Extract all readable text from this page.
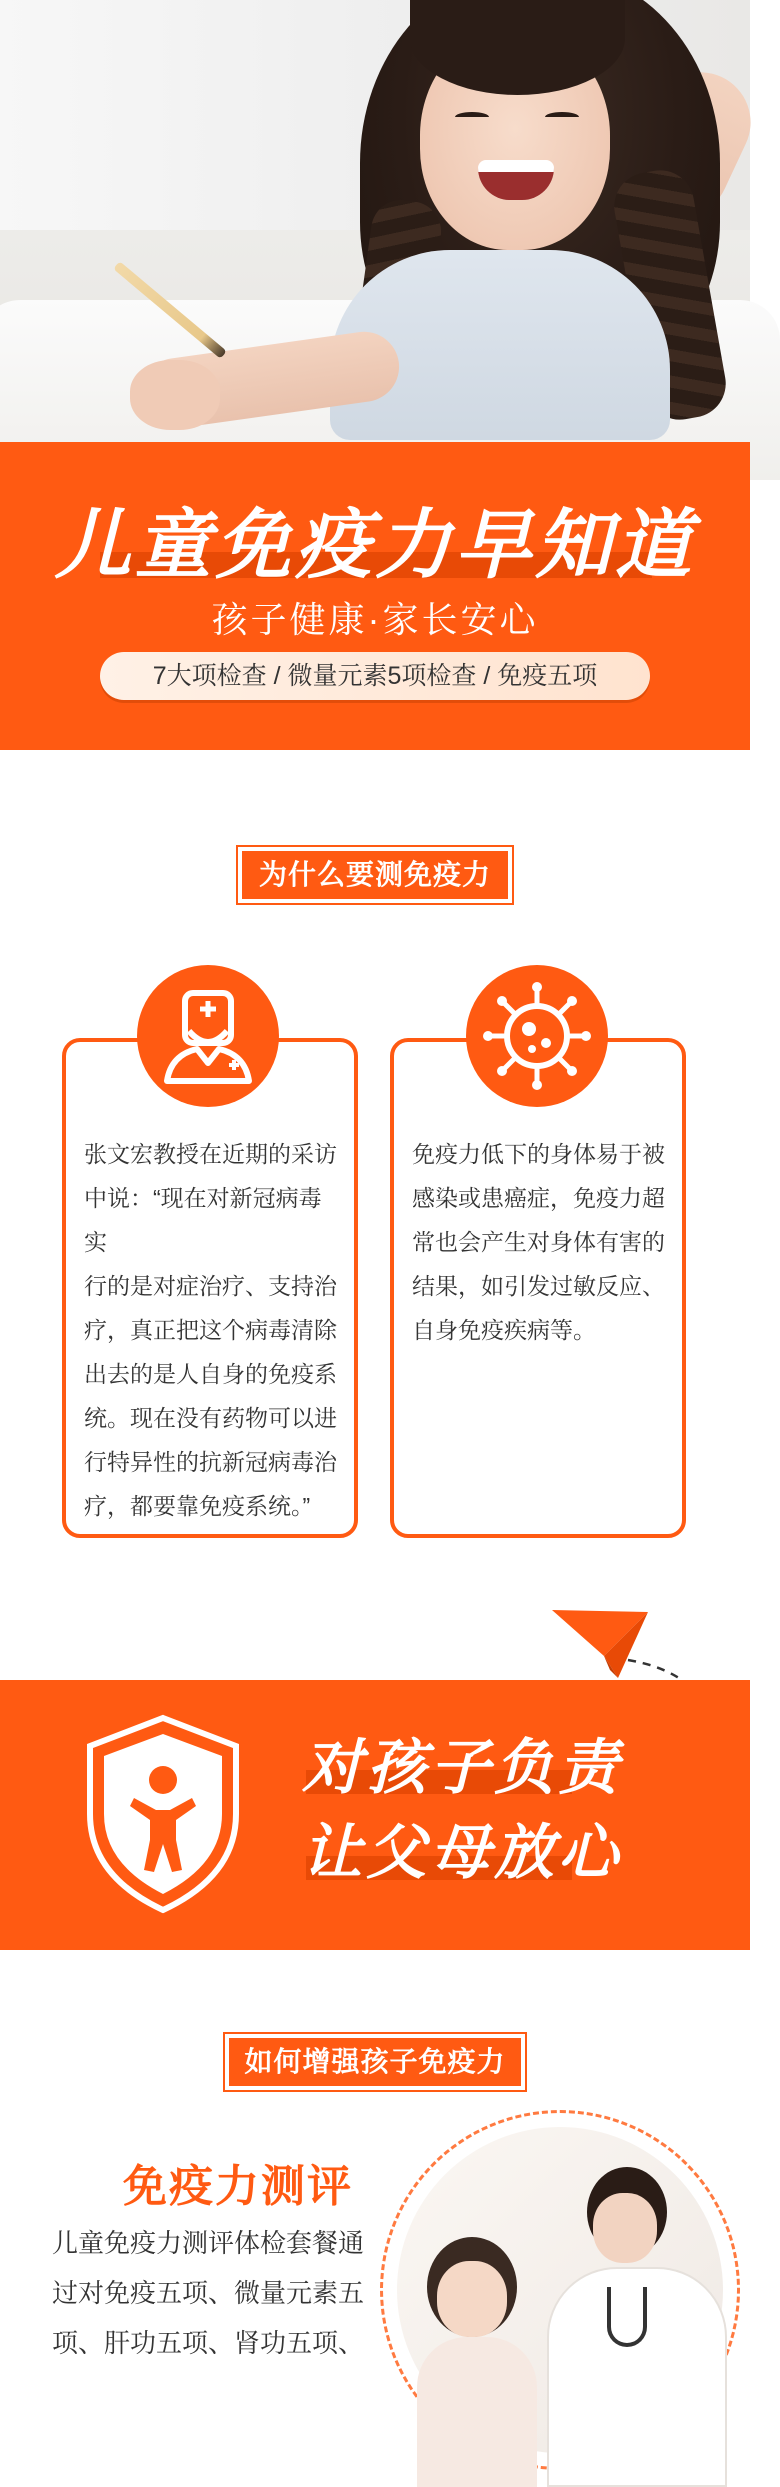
儿童免疫力早知道
孩子健康·家长安心
7大项检查 / 微量元素5项检查 / 免疫五项
为什么要测免疫力
张文宏教授在近期的采访
中说：“现在对新冠病毒实
行的是对症治疗、支持治
疗，真正把这个病毒清除
出去的是人自身的免疫系
统。现在没有药物可以进
行特异性的抗新冠病毒治
疗，都要靠免疫系统。”
免疫力低下的身体易于被
感染或患癌症，免疫力超
常也会产生对身体有害的
结果，如引发过敏反应、
自身免疫疾病等。
对孩子负责
让父母放心
如何增强孩子免疫力
免疫力测评
儿童免疫力测评体检套餐通
过对免疫五项、微量元素五
项、肝功五项、肾功五项、
